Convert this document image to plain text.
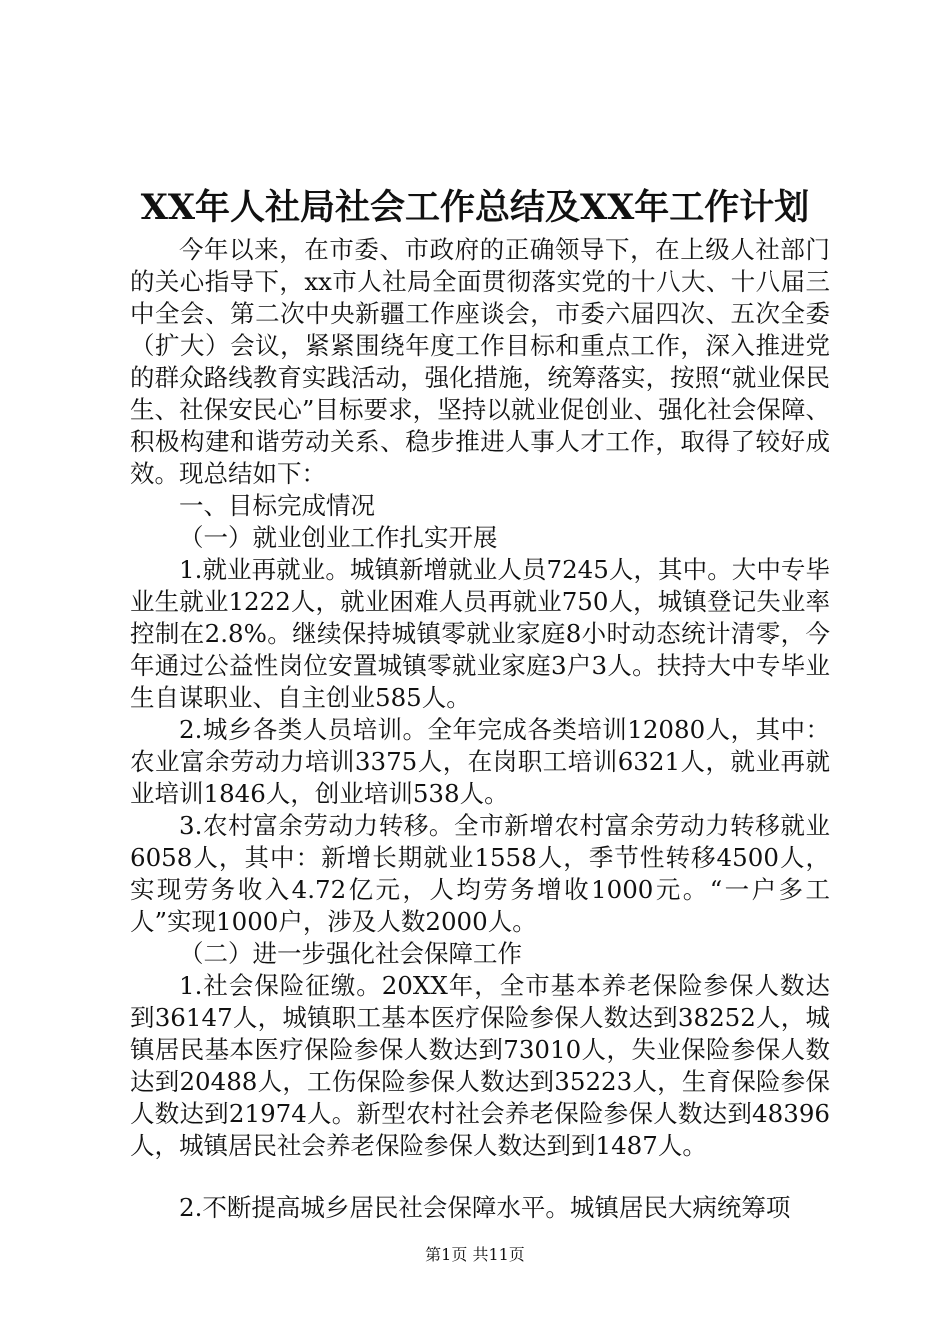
XX年人社局社会工作总结及XX年工作计划

今年以来，在市委、市政府的正确领导下，在上级人社部门的关心指导下，xx市人社局全面贯彻落实党的十八大、十八届三中全会、第二次中央新疆工作座谈会，市委六届四次、五次全委（扩大）会议，紧紧围绕年度工作目标和重点工作，深入推进党的群众路线教育实践活动，强化措施，统筹落实，按照“就业保民生、社保安民心”目标要求，坚持以就业促创业、强化社会保障、积极构建和谐劳动关系、稳步推进人事人才工作，取得了较好成效。现总结如下：

一、目标完成情况

（一）就业创业工作扎实开展

1.就业再就业。城镇新增就业人员7245人，其中。大中专毕业生就业1222人，就业困难人员再就业750人，城镇登记失业率控制在2.8%。继续保持城镇零就业家庭8小时动态统计清零，今年通过公益性岗位安置城镇零就业家庭3户3人。扶持大中专毕业生自谋职业、自主创业585人。

2.城乡各类人员培训。全年完成各类培训12080人，其中：农业富余劳动力培训3375人，在岗职工培训6321人，就业再就业培训1846人，创业培训538人。

3.农村富余劳动力转移。全市新增农村富余劳动力转移就业6058人，其中：新增长期就业1558人，季节性转移4500人，实现劳务收入4.72亿元，人均劳务增收1000元。“一户多工人”实现1000户，涉及人数2000人。

（二）进一步强化社会保障工作

1.社会保险征缴。20XX年，全市基本养老保险参保人数达到36147人，城镇职工基本医疗保险参保人数达到38252人，城镇居民基本医疗保险参保人数达到73010人，失业保险参保人数达到20488人，工伤保险参保人数达到35223人，生育保险参保人数达到21974人。新型农村社会养老保险参保人数达到48396人，城镇居民社会养老保险参保人数达到到1487人。

2.不断提高城乡居民社会保障水平。城镇居民大病统筹项

第1页 共11页
